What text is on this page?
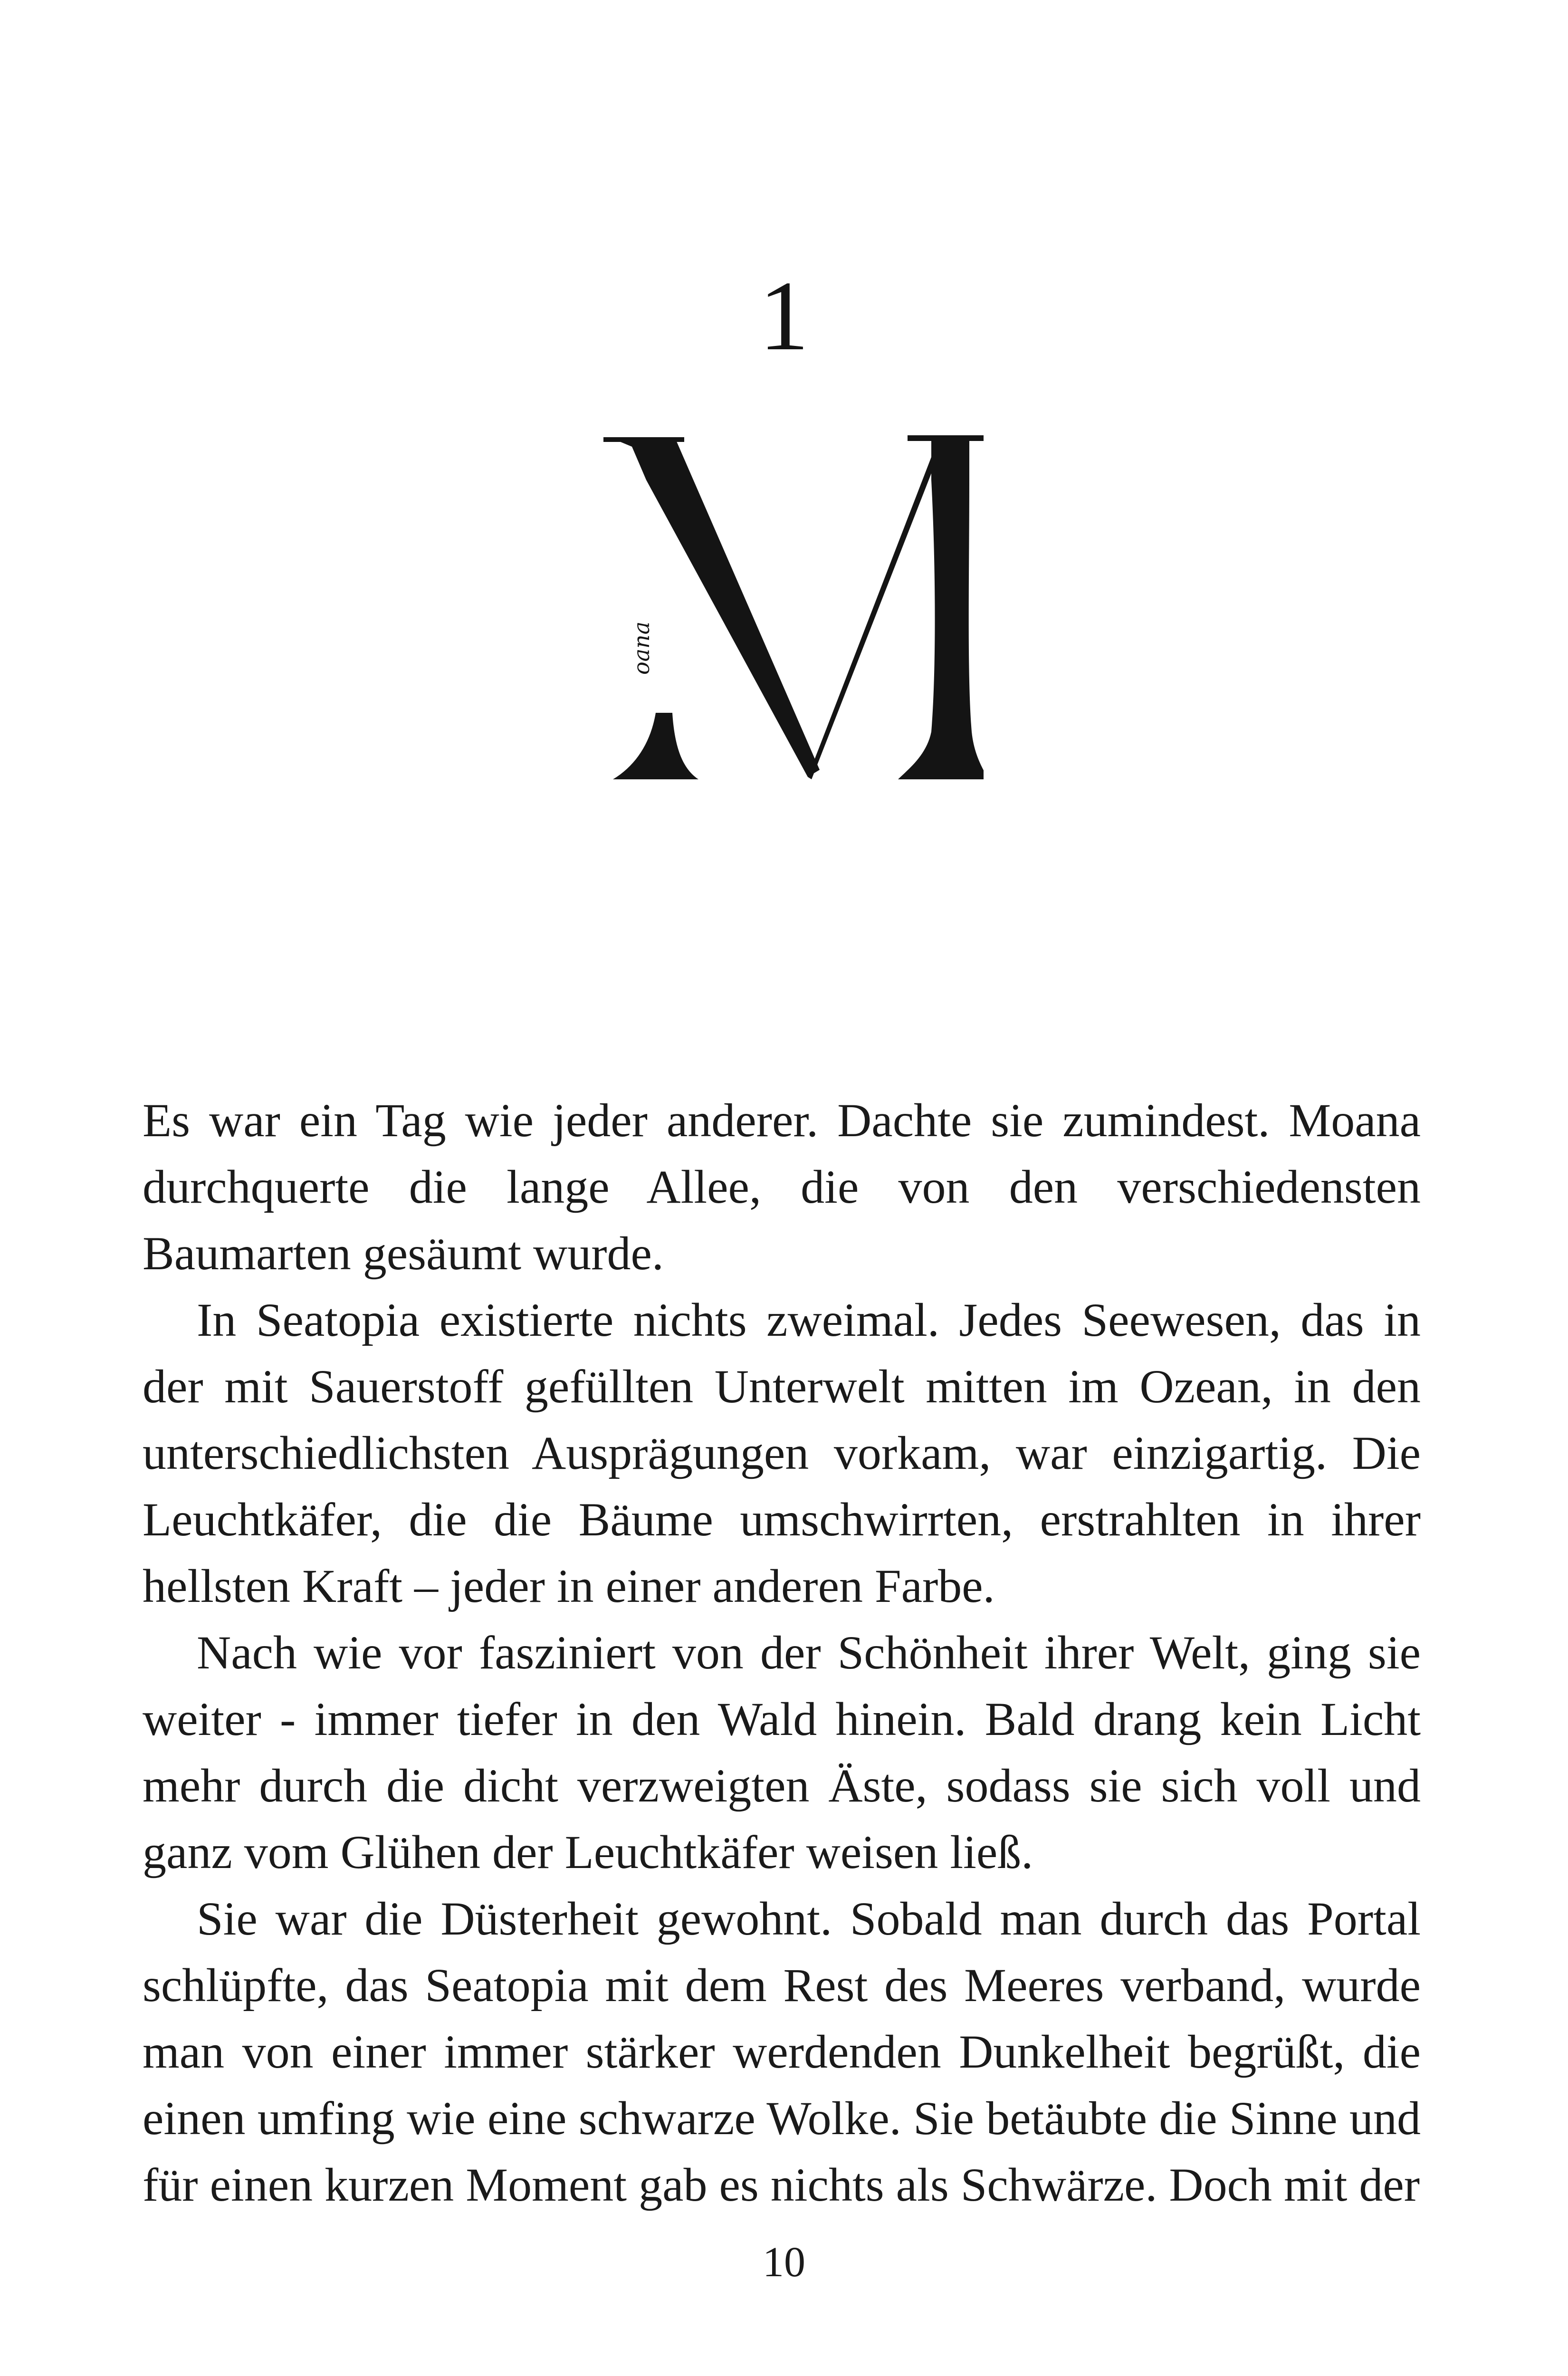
1
oana

Es war ein Tag wie jeder anderer. Dachte sie zumindest. Moana durchquerte die lange Allee, die von den verschiedensten Baumarten gesäumt wurde.

In Seatopia existierte nichts zweimal. Jedes Seewesen, das in der mit Sauerstoff gefüllten Unterwelt mitten im Ozean, in den unterschiedlichsten Ausprägungen vorkam, war einzigartig. Die Leuchtkäfer, die die Bäume umschwirrten, erstrahlten in ihrer hellsten Kraft – jeder in einer anderen Farbe.

Nach wie vor fasziniert von der Schönheit ihrer Welt, ging sie weiter - immer tiefer in den Wald hinein. Bald drang kein Licht mehr durch die dicht verzweigten Äste, sodass sie sich voll und ganz vom Glühen der Leuchtkäfer weisen ließ.

Sie war die Düsterheit gewohnt. Sobald man durch das Portal schlüpfte, das Seatopia mit dem Rest des Meeres verband, wurde man von einer immer stärker werdenden Dunkelheit begrüßt, die einen umfing wie eine schwarze Wolke. Sie betäubte die Sinne und für einen kurzen Moment gab es nichts als Schwärze. Doch mit der

10
